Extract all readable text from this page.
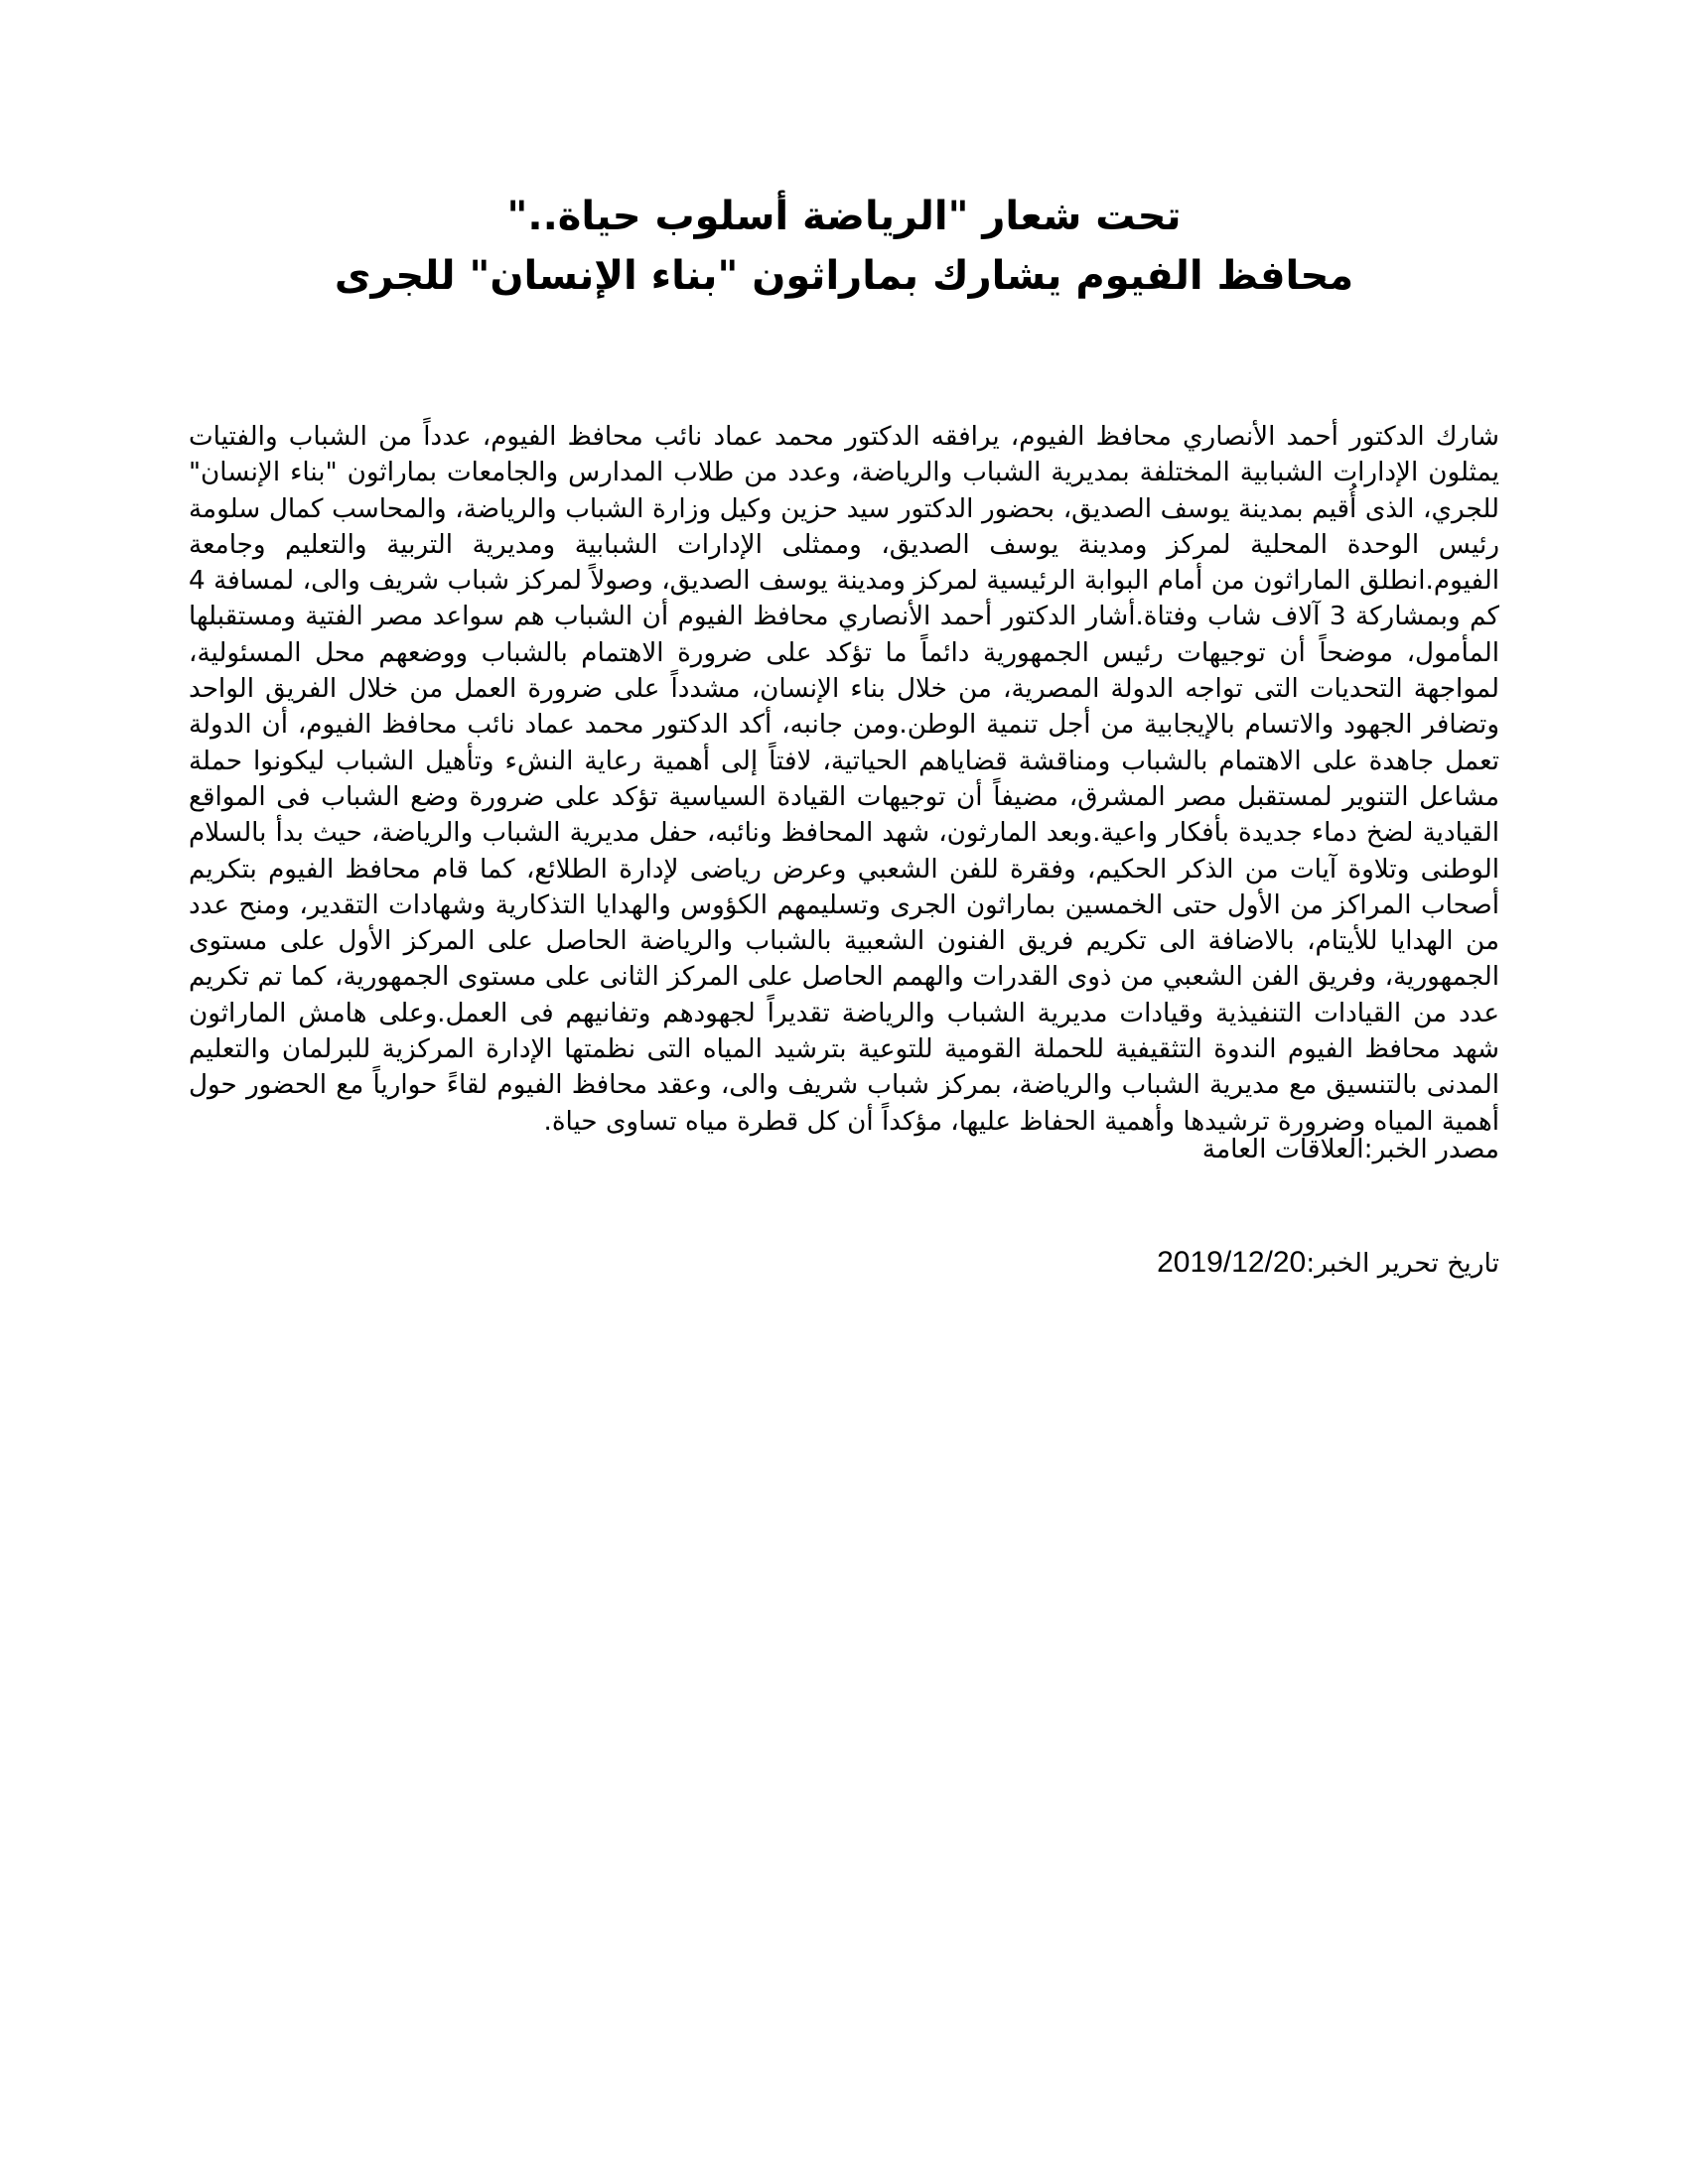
تحت شعار "الرياضة أسلوب حياة.."
محافظ الفيوم يشارك بماراثون "بناء الإنسان" للجرى

شارك الدكتور أحمد الأنصاري محافظ الفيوم، يرافقه الدكتور محمد عماد نائب محافظ الفيوم، عدداً من الشباب والفتيات يمثلون الإدارات الشبابية المختلفة بمديرية الشباب والرياضة، وعدد من طلاب المدارس والجامعات بماراثون "بناء الإنسان" للجري، الذى أُقيم بمدينة يوسف الصديق، بحضور الدكتور سيد حزين وكيل وزارة الشباب والرياضة، والمحاسب كمال سلومة رئيس الوحدة المحلية لمركز ومدينة يوسف الصديق، وممثلى الإدارات الشبابية ومديرية التربية والتعليم وجامعة الفيوم.انطلق الماراثون من أمام البوابة الرئيسية لمركز ومدينة يوسف الصديق، وصولاً لمركز شباب شريف والى، لمسافة 4 كم وبمشاركة 3 آلاف شاب وفتاة.أشار الدكتور أحمد الأنصاري محافظ الفيوم أن الشباب هم سواعد مصر الفتية ومستقبلها المأمول، موضحاً أن توجيهات رئيس الجمهورية دائماً ما تؤكد على ضرورة الاهتمام بالشباب ووضعهم محل المسئولية، لمواجهة التحديات التى تواجه الدولة المصرية، من خلال بناء الإنسان، مشدداً على ضرورة العمل من خلال الفريق الواحد وتضافر الجهود والاتسام بالإيجابية من أجل تنمية الوطن.ومن جانبه، أكد الدكتور محمد عماد نائب محافظ الفيوم، أن الدولة تعمل جاهدة على الاهتمام بالشباب ومناقشة قضاياهم الحياتية، لافتاً إلى أهمية رعاية النشء وتأهيل الشباب ليكونوا حملة مشاعل التنوير لمستقبل مصر المشرق، مضيفاً أن توجيهات القيادة السياسية تؤكد على ضرورة وضع الشباب فى المواقع القيادية لضخ دماء جديدة بأفكار واعية.وبعد المارثون، شهد المحافظ ونائبه، حفل مديرية الشباب والرياضة، حيث بدأ بالسلام الوطنى وتلاوة آيات من الذكر الحكيم، وفقرة للفن الشعبي وعرض رياضى لإدارة الطلائع، كما قام محافظ الفيوم بتكريم أصحاب المراكز من الأول حتى الخمسين بماراثون الجرى وتسليمهم الكؤوس والهدايا التذكارية وشهادات التقدير، ومنح عدد من الهدايا للأيتام، بالاضافة الى تكريم فريق الفنون الشعبية بالشباب والرياضة الحاصل على المركز الأول على مستوى الجمهورية، وفريق الفن الشعبي من ذوى القدرات والهمم الحاصل على المركز الثانى على مستوى الجمهورية، كما تم تكريم عدد من القيادات التنفيذية وقيادات مديرية الشباب والرياضة تقديراً لجهودهم وتفانيهم فى العمل.وعلى هامش الماراثون شهد محافظ الفيوم الندوة التثقيفية للحملة القومية للتوعية بترشيد المياه التى نظمتها الإدارة المركزية للبرلمان والتعليم المدنى بالتنسيق مع مديرية الشباب والرياضة، بمركز شباب شريف والى، وعقد محافظ الفيوم لقاءً حوارياً مع الحضور حول أهمية المياه وضرورة ترشيدها وأهمية الحفاظ عليها، مؤكداً أن كل قطرة مياه تساوى حياة.

مصدر الخبر:العلاقات العامة
تاريخ تحرير الخبر:2019/12/20
